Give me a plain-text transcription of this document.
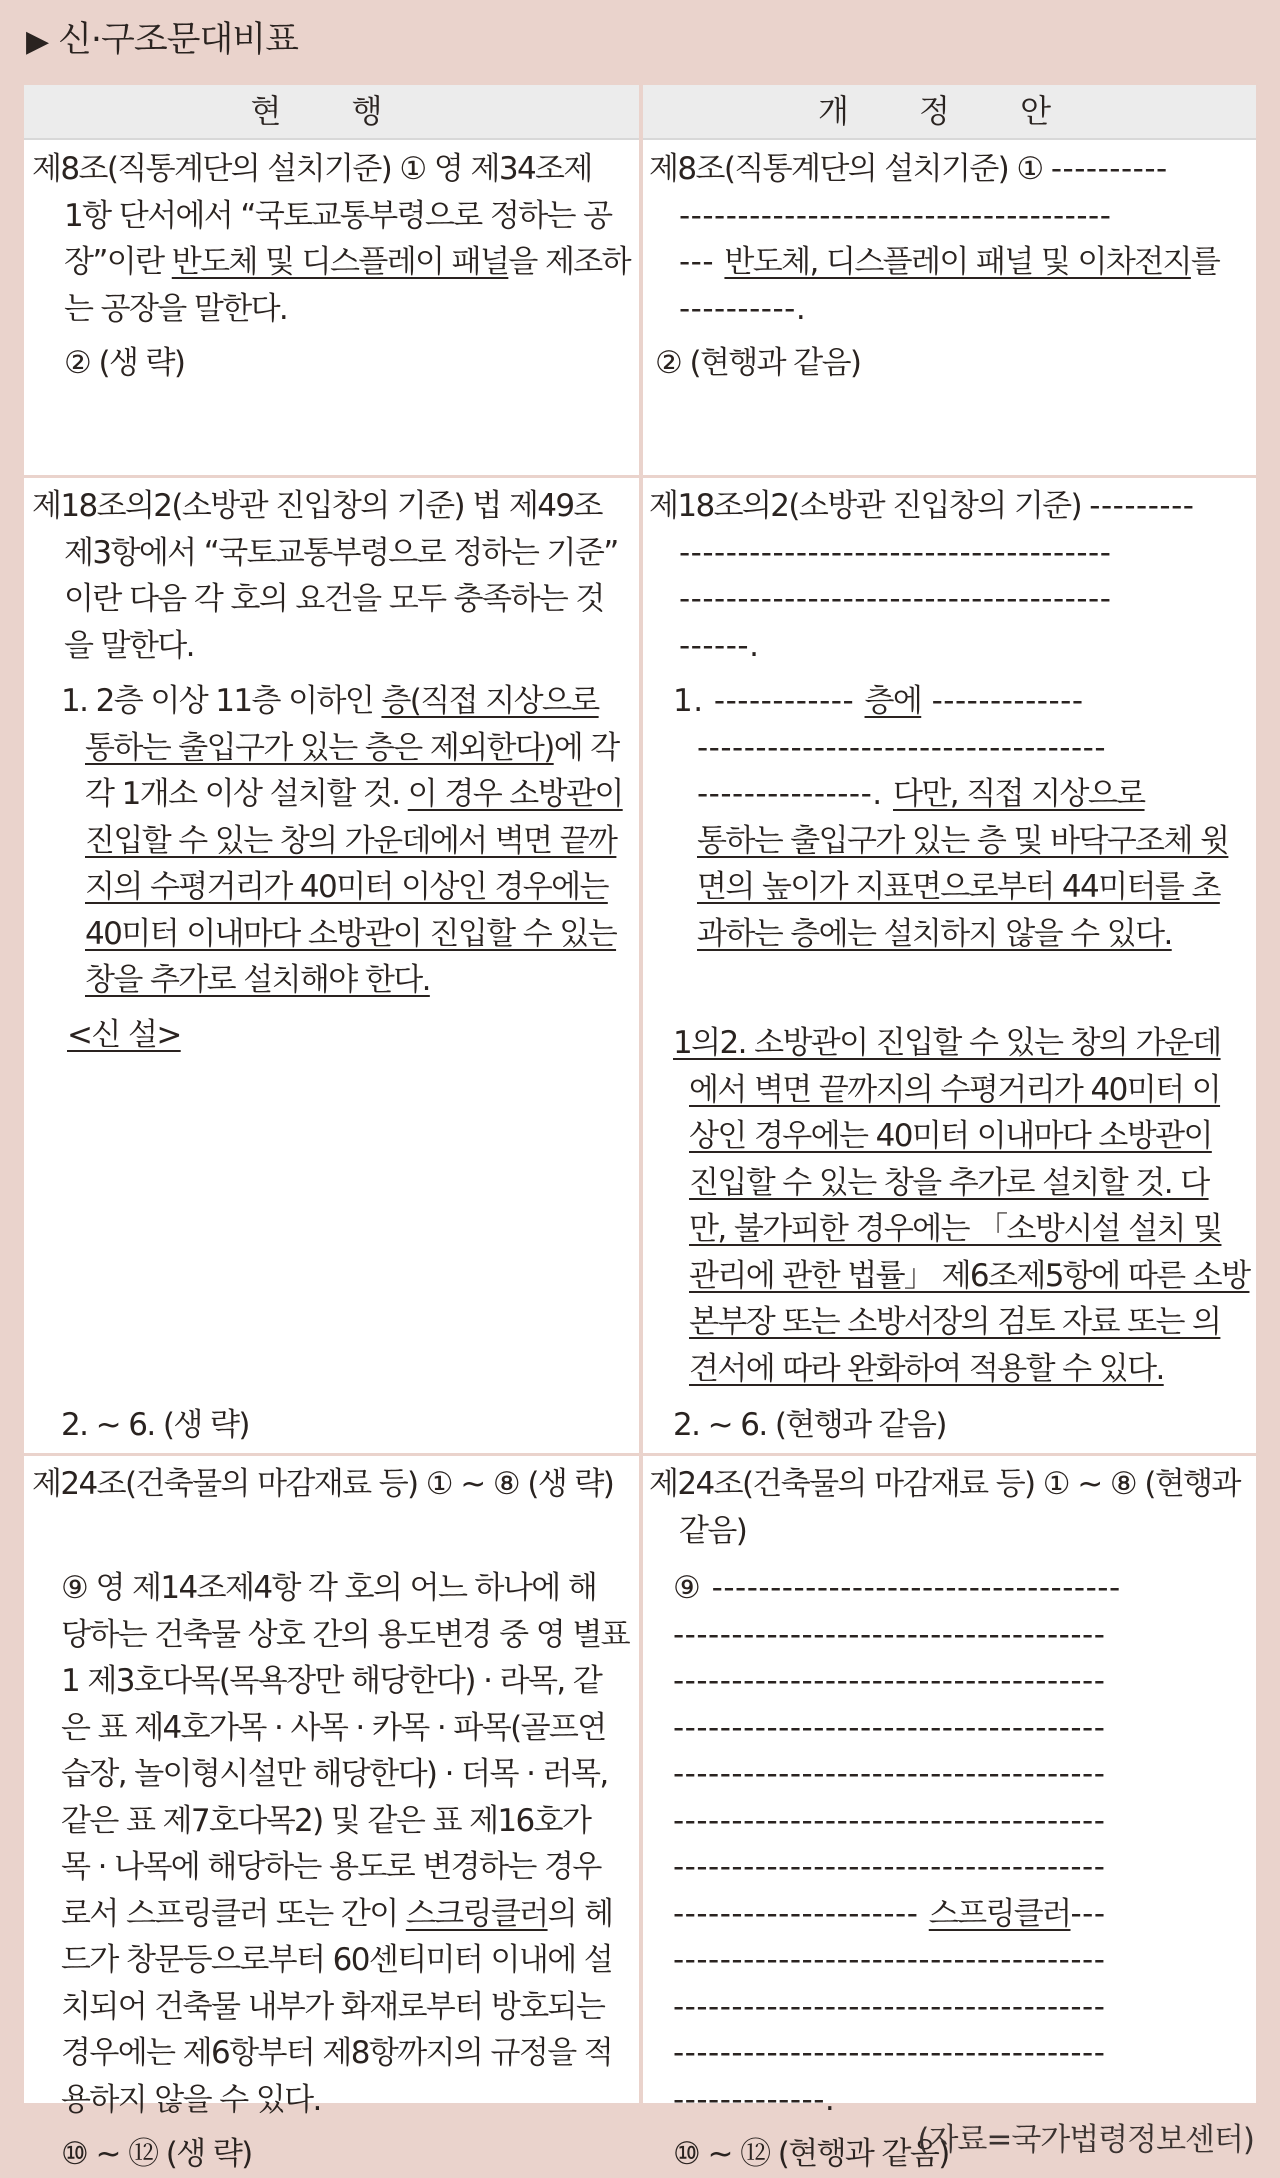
▶ 신·구조문대비표
현 행
제8조(직통계단의 설치기준) ① 영 제34조제
1항 단서에서 “국토교통부령으로 정하는 공
장”이란 반도체 및 디스플레이 패널을 제조하
는 공장을 말한다.
② (생 략)
제18조의2(소방관 진입창의 기준) 법 제49조
제3항에서 “국토교통부령으로 정하는 기준”
이란 다음 각 호의 요건을 모두 충족하는 것
을 말한다.
1. 2층 이상 11층 이하인 층(직접 지상으로
통하는 출입구가 있는 층은 제외한다)에 각
각 1개소 이상 설치할 것. 이 경우 소방관이
진입할 수 있는 창의 가운데에서 벽면 끝까
지의 수평거리가 40미터 이상인 경우에는
40미터 이내마다 소방관이 진입할 수 있는
창을 추가로 설치해야 한다.
<신 설>
2. ~ 6. (생 략)
제24조(건축물의 마감재료 등) ① ~ ⑧ (생 략)
⑨ 영 제14조제4항 각 호의 어느 하나에 해
당하는 건축물 상호 간의 용도변경 중 영 별표
1 제3호다목(목욕장만 해당한다) · 라목, 같
은 표 제4호가목 · 사목 · 카목 · 파목(골프연
습장, 놀이형시설만 해당한다) · 더목 · 러목,
같은 표 제7호다목2) 및 같은 표 제16호가
목 · 나목에 해당하는 용도로 변경하는 경우
로서 스프링클러 또는 간이 스크링클러의 헤
드가 창문등으로부터 60센티미터 이내에 설
치되어 건축물 내부가 화재로부터 방호되는
경우에는 제6항부터 제8항까지의 규정을 적
용하지 않을 수 있다.
⑩ ~ ⑫ (생 략)
개 정 안
제8조(직통계단의 설치기준) ① ----------
-------------------------------------
--- 반도체, 디스플레이 패널 및 이차전지를
----------.
② (현행과 같음)
제18조의2(소방관 진입창의 기준) ---------
-------------------------------------
-------------------------------------
------.
1. ------------ 층에 -------------
-----------------------------------
---------------. 다만, 직접 지상으로
통하는 출입구가 있는 층 및 바닥구조체 윗
면의 높이가 지표면으로부터 44미터를 초
과하는 층에는 설치하지 않을 수 있다.
1의2. 소방관이 진입할 수 있는 창의 가운데
에서 벽면 끝까지의 수평거리가 40미터 이
상인 경우에는 40미터 이내마다 소방관이
진입할 수 있는 창을 추가로 설치할 것. 다
만, 불가피한 경우에는 「소방시설 설치 및
관리에 관한 법률」 제6조제5항에 따른 소방
본부장 또는 소방서장의 검토 자료 또는 의
견서에 따라 완화하여 적용할 수 있다.
2. ~ 6. (현행과 같음)
제24조(건축물의 마감재료 등) ① ~ ⑧ (현행과
같음)
⑨ -----------------------------------
-------------------------------------
-------------------------------------
-------------------------------------
-------------------------------------
-------------------------------------
-------------------------------------
--------------------- 스프링클러---
-------------------------------------
-------------------------------------
-------------------------------------
-------------.
⑩ ~ ⑫ (현행과 같음)
(자료=국가법령정보센터)
